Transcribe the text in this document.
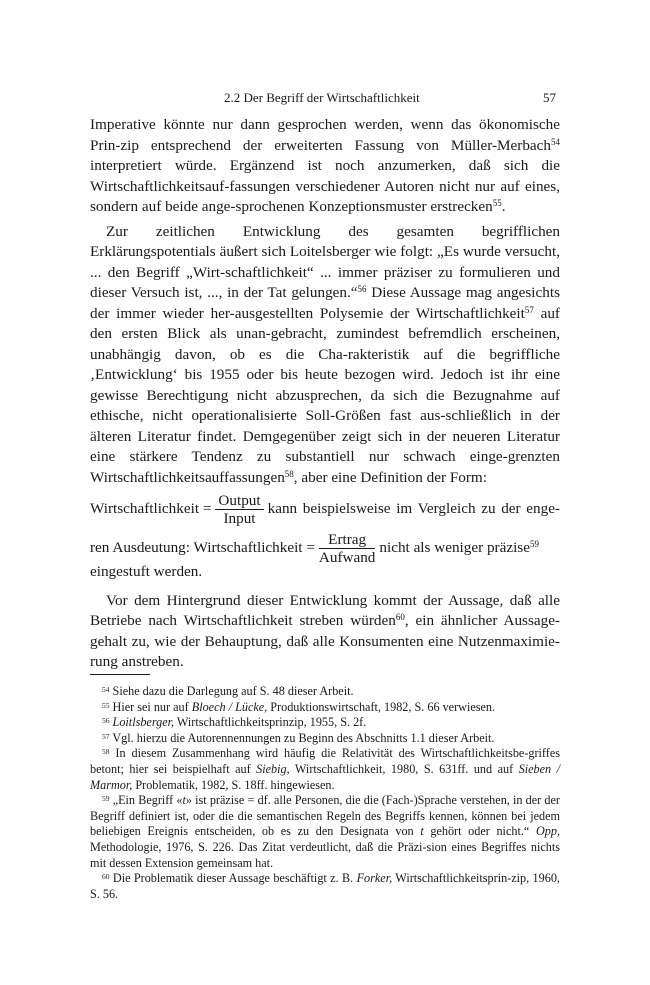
2.2 Der Begriff der Wirtschaftlichkeit	57

Imperative könnte nur dann gesprochen werden, wenn das ökonomische Prin-zip entsprechend der erweiterten Fassung von Müller-Merbach$^{54}$ interpretiert würde. Ergänzend ist noch anzumerken, daß sich die Wirtschaftlichkeitsauf-fassungen verschiedener Autoren nicht nur auf eines, sondern auf beide ange-sprochenen Konzeptionsmuster erstrecken$^{55}$.

Zur zeitlichen Entwicklung des gesamten begrifflichen Erklärungspotentials äußert sich Loitelsberger wie folgt: „Es wurde versucht, ... den Begriff „Wirt-schaftlichkeit“ ... immer präziser zu formulieren und dieser Versuch ist, ..., in der Tat gelungen.“$^{56}$ Diese Aussage mag angesichts der immer wieder her-ausgestellten Polysemie der Wirtschaftlichkeit$^{57}$ auf den ersten Blick als unan-gebracht, zumindest befremdlich erscheinen, unabhängig davon, ob es die Cha-rakteristik auf die begriffliche ‚Entwicklung‘ bis 1955 oder bis heute bezogen wird. Jedoch ist ihr eine gewisse Berechtigung nicht abzusprechen, da sich die Bezugnahme auf ethische, nicht operationalisierte Soll-Größen fast aus-schließlich in der älteren Literatur findet. Demgegenüber zeigt sich in der neueren Literatur eine stärkere Tendenz zu substantiell nur schwach einge-grenzten Wirtschaftlichkeitsauffassungen$^{58}$, aber eine Definition der Form:

Wirtschaftlichkeit = $\frac{\text{Output}}{\text{Input}}$ kann beispielsweise im Vergleich zu der enge-
ren Ausdeutung: Wirtschaftlichkeit = $\frac{\text{Ertrag}}{\text{Aufwand}}$ nicht als weniger präzise$^{59}$

eingestuft werden.

Vor dem Hintergrund dieser Entwicklung kommt der Aussage, daß alle Betriebe nach Wirtschaftlichkeit streben würden$^{60}$, ein ähnlicher Aussage-gehalt zu, wie der Behauptung, daß alle Konsumenten eine Nutzenmaximie-rung anstreben.

$^{54}$ Siehe dazu die Darlegung auf S. 48 dieser Arbeit.

$^{55}$ Hier sei nur auf Bloech / Lücke, Produktionswirtschaft, 1982, S. 66 verwiesen.

$^{56}$ Loitlsberger, Wirtschaftlichkeitsprinzip, 1955, S. 2f.

$^{57}$ Vgl. hierzu die Autorennennungen zu Beginn des Abschnitts 1.1 dieser Arbeit.

$^{58}$ In diesem Zusammenhang wird häufig die Relativität des Wirtschaftlichkeitsbe-griffes betont; hier sei beispielhaft auf Siebig, Wirtschaftlichkeit, 1980, S. 631ff. und auf Sieben / Marmor, Problematik, 1982, S. 18ff. hingewiesen.

$^{59}$ „Ein Begriff «t» ist präzise = df. alle Personen, die die (Fach-)Sprache verstehen, in der der Begriff definiert ist, oder die die semantischen Regeln des Begriffs kennen, können bei jedem beliebigen Ereignis entscheiden, ob es zu den Designata von t gehört oder nicht.“ Opp, Methodologie, 1976, S. 226. Das Zitat verdeutlicht, daß die Präzi-sion eines Begriffes nichts mit dessen Extension gemeinsam hat.

$^{60}$ Die Problematik dieser Aussage beschäftigt z. B. Forker, Wirtschaftlichkeitsprin-zip, 1960, S. 56.
